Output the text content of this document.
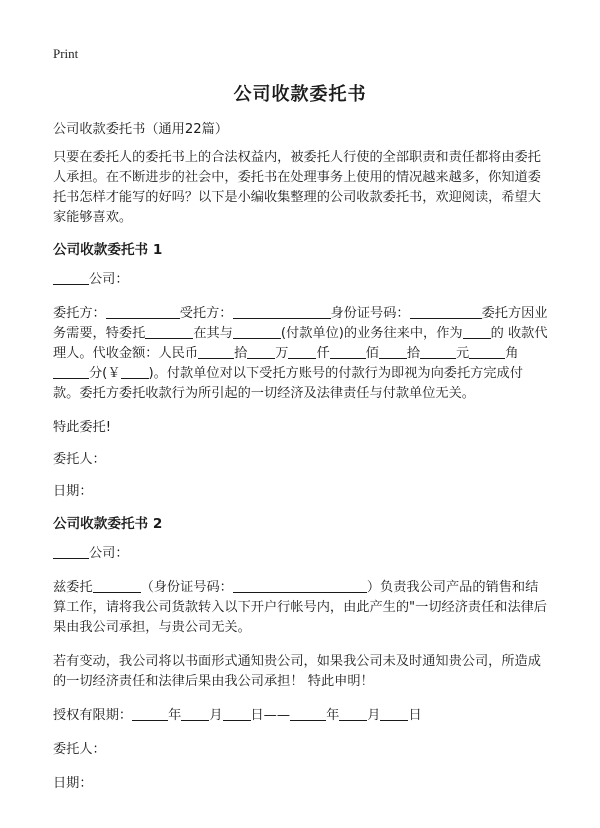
Print
公司收款委托书

公司收款委托书（通用22篇）

只要在委托人的委托书上的合法权益内，被委托人行使的全部职责和责任都将由委托人承担。在不断进步的社会中，委托书在处理事务上使用的情况越来越多，你知道委托书怎样才能写的好吗？以下是小编收集整理的公司收款委托书，欢迎阅读，希望大家能够喜欢。

公司收款委托书 1

公司：

委托方：	受托方：	身份证号码：	委托方因业务需要，特委托	在其与	(付款单位)的业务往来中，作为 的 收款代理人。代收金额：人民币	拾 万 仟	佰 拾	元	角分(￥ )。付款单位对以下受托方账号的付款行为即视为向委托方完成付款。委托方委托收款行为所引起的一切经济及法律责任与付款单位无关。

特此委托!

委托人：

日期：

公司收款委托书 2

公司：

兹委托	（身份证号码：	）负责我公司产品的销售和结算工作，请将我公司货款转入以下开户行帐号内，由此产生的"一切经济责任和法律后果由我公司承担，与贵公司无关。

若有变动，我公司将以书面形式通知贵公司，如果我公司未及时通知贵公司，所造成的一切经济责任和法律后果由我公司承担！ 特此申明！

授权有限期：	年 月 日——	年 月 日

委托人：

日期：
